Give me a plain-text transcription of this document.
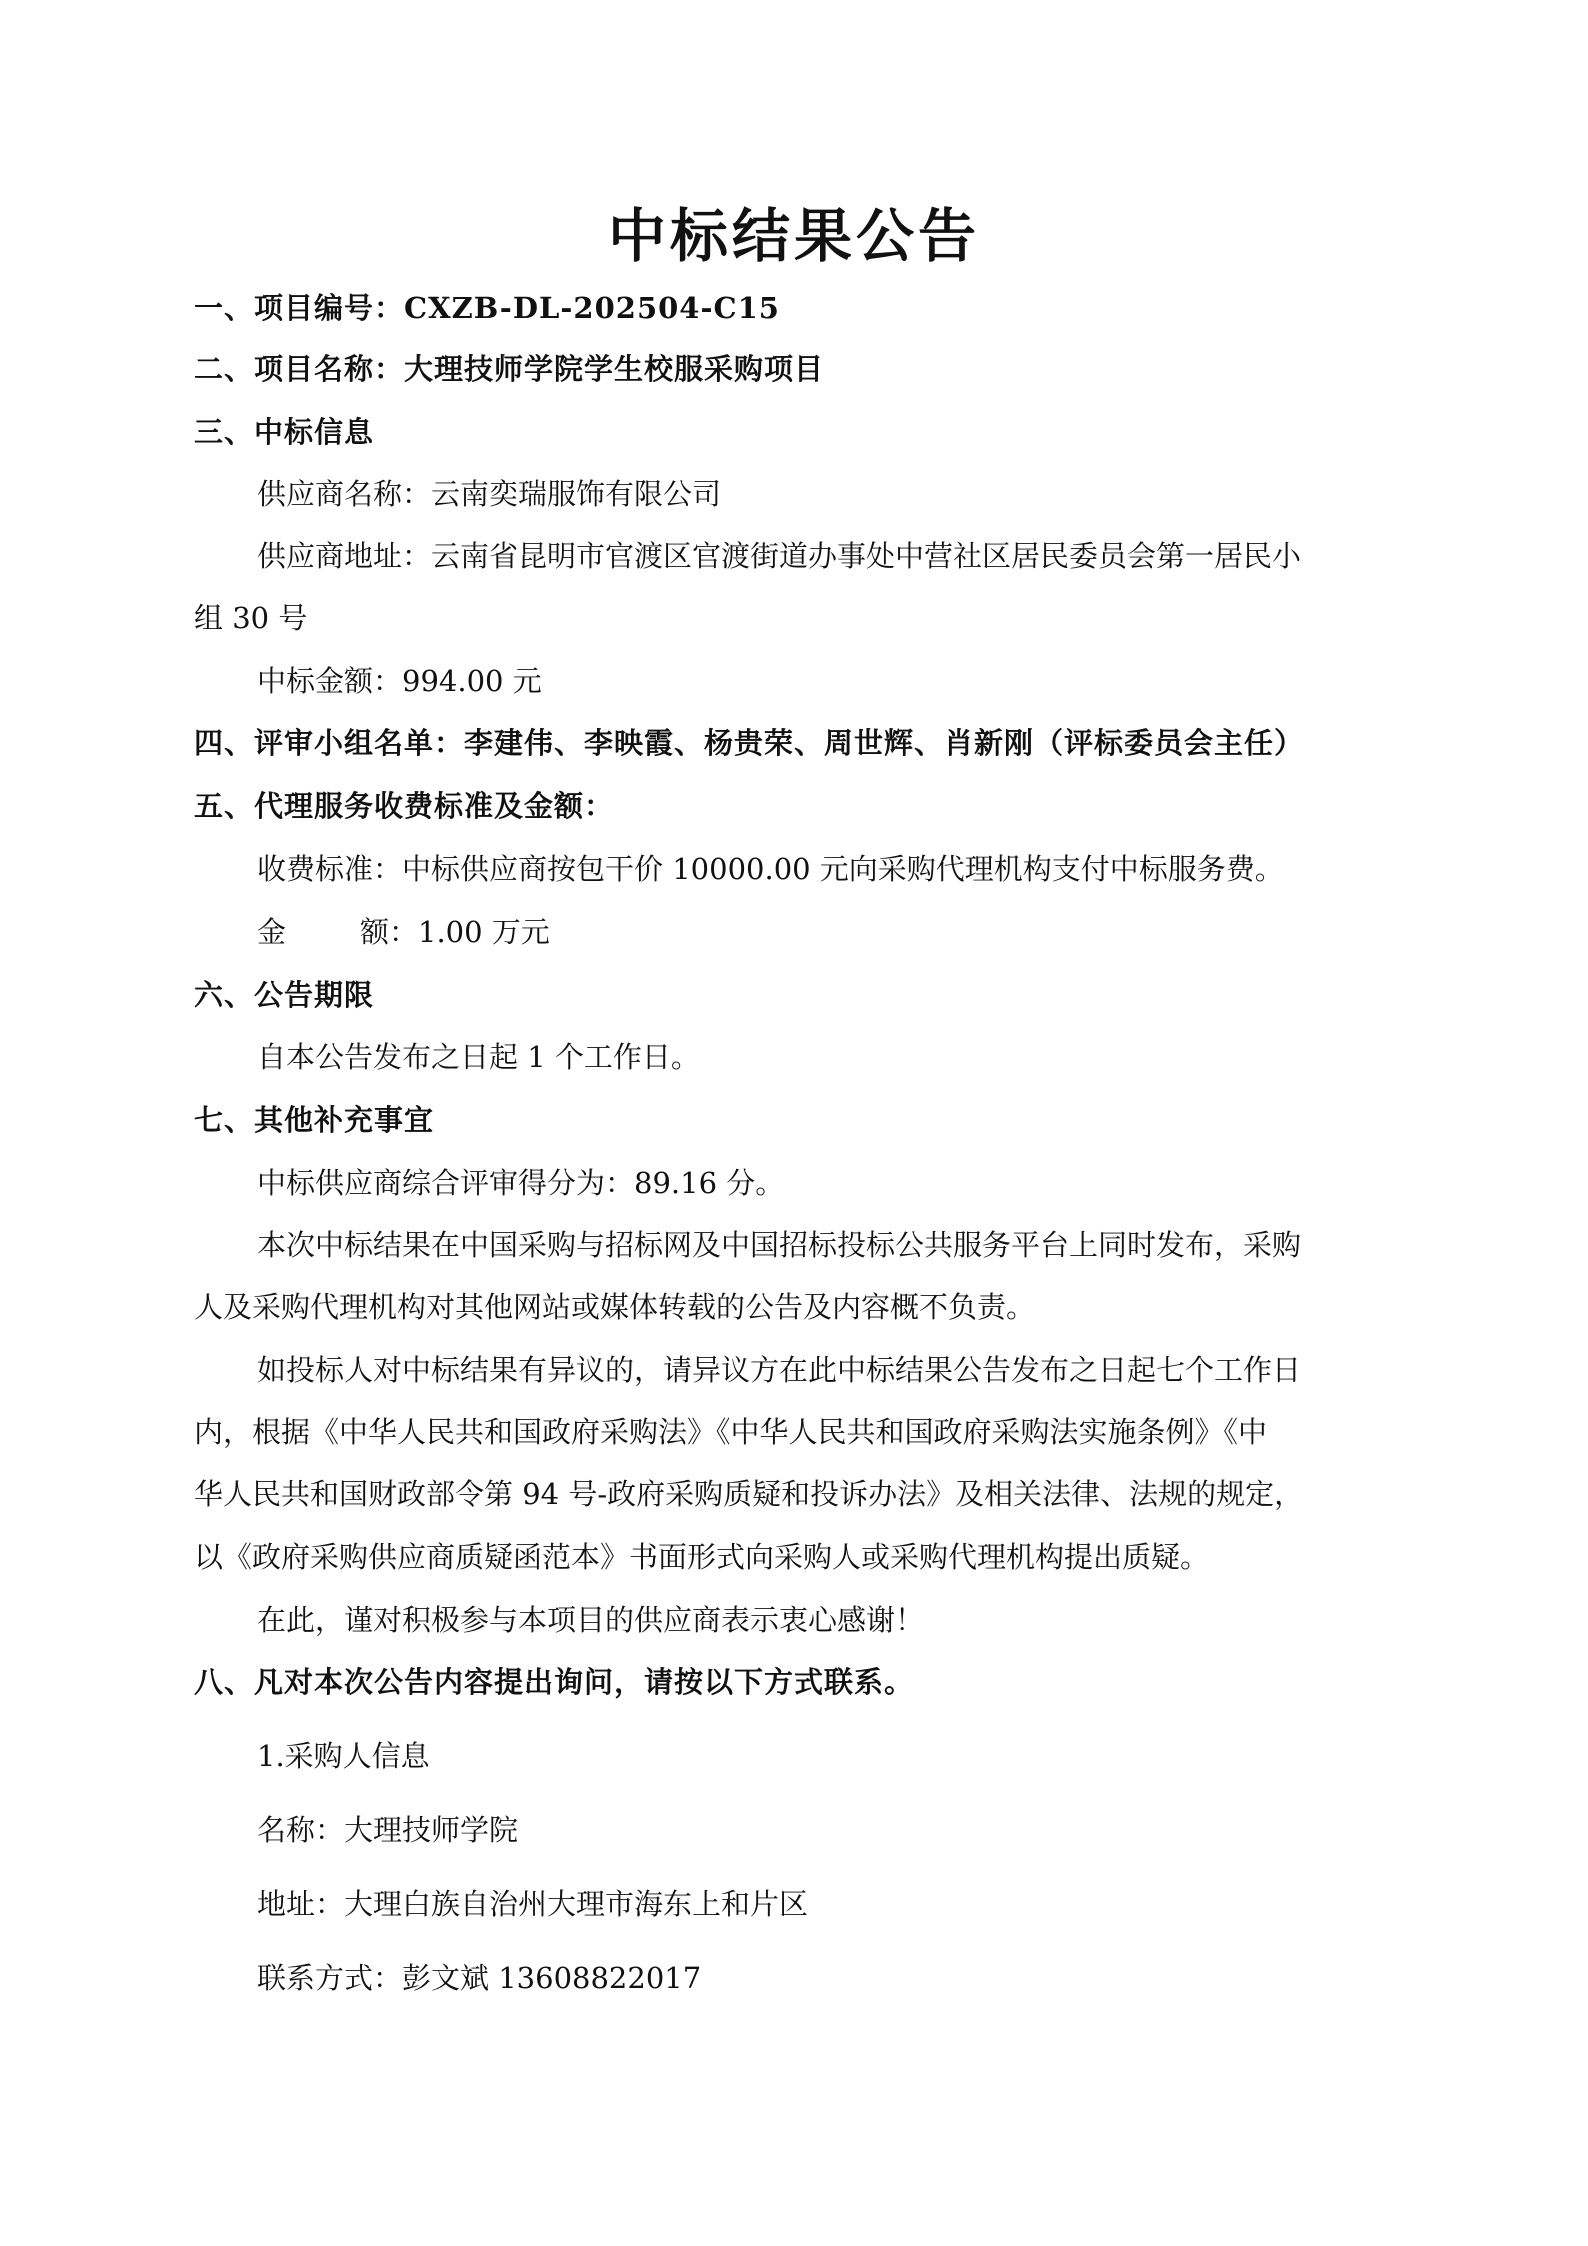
中标结果公告
一、项目编号：CXZB-DL-202504-C15
二、项目名称：大理技师学院学生校服采购项目
三、中标信息
供应商名称：云南奕瑞服饰有限公司
供应商地址：云南省昆明市官渡区官渡街道办事处中营社区居民委员会第一居民小
组 30 号
中标金额：994.00 元
四、评审小组名单：李建伟、李映霞、杨贵荣、周世辉、肖新刚（评标委员会主任）
五、代理服务收费标准及金额：
收费标准：中标供应商按包干价 10000.00 元向采购代理机构支付中标服务费。
金	额：1.00 万元
六、公告期限
自本公告发布之日起 1 个工作日。
七、其他补充事宜
中标供应商综合评审得分为：89.16 分。
本次中标结果在中国采购与招标网及中国招标投标公共服务平台上同时发布，采购
人及采购代理机构对其他网站或媒体转载的公告及内容概不负责。
如投标人对中标结果有异议的，请异议方在此中标结果公告发布之日起七个工作日
内，根据《中华人民共和国政府采购法》《中华人民共和国政府采购法实施条例》《中
华人民共和国财政部令第 94 号-政府采购质疑和投诉办法》及相关法律、法规的规定，
以《政府采购供应商质疑函范本》书面形式向采购人或采购代理机构提出质疑。
在此，谨对积极参与本项目的供应商表示衷心感谢！
八、凡对本次公告内容提出询问，请按以下方式联系。
1.采购人信息
名称：大理技师学院
地址：大理白族自治州大理市海东上和片区
联系方式：彭文斌 13608822017
